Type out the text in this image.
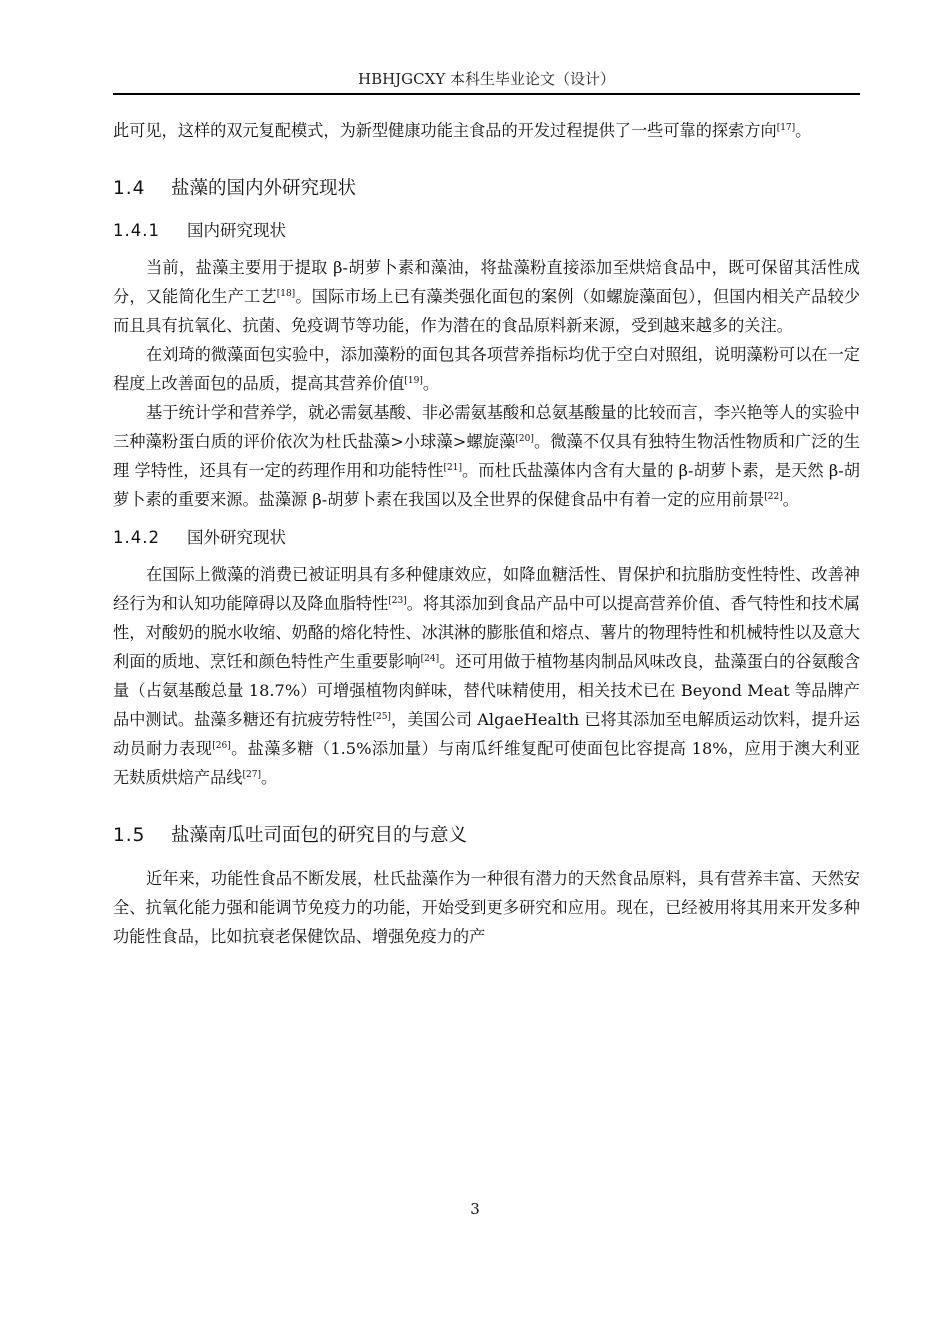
HBHJGCXY 本科生毕业论文（设计）

此可见，这样的双元复配模式，为新型健康功能主食品的开发过程提供了一些可靠的探索方向[17]。

1.4 盐藻的国内外研究现状
1.4.1 国内研究现状

当前，盐藻主要用于提取 β-胡萝卜素和藻油，将盐藻粉直接添加至烘焙食品中，既可保留其活性成分，又能简化生产工艺[18]。国际市场上已有藻类强化面包的案例（如螺旋藻面包），但国内相关产品较少而且具有抗氧化、抗菌、免疫调节等功能，作为潜在的食品原料新来源，受到越来越多的关注。

在刘琦的微藻面包实验中，添加藻粉的面包其各项营养指标均优于空白对照组，说明藻粉可以在一定程度上改善面包的品质，提高其营养价值[19]。

基于统计学和营养学，就必需氨基酸、非必需氨基酸和总氨基酸量的比较而言，李兴艳等人的实验中三种藻粉蛋白质的评价依次为杜氏盐藻>小球藻>螺旋藻[20]。微藻不仅具有独特生物活性物质和广泛的生理 学特性，还具有一定的药理作用和功能特性[21]。而杜氏盐藻体内含有大量的 β-胡萝卜素，是天然 β-胡萝卜素的重要来源。盐藻源 β-胡萝卜素在我国以及全世界的保健食品中有着一定的应用前景[22]。

1.4.2 国外研究现状

在国际上微藻的消费已被证明具有多种健康效应，如降血糖活性、胃保护和抗脂肪变性特性、改善神经行为和认知功能障碍以及降血脂特性[23]。将其添加到食品产品中可以提高营养价值、香气特性和技术属性，对酸奶的脱水收缩、奶酪的熔化特性、冰淇淋的膨胀值和熔点、薯片的物理特性和机械特性以及意大利面的质地、烹饪和颜色特性产生重要影响[24]。还可用做于植物基肉制品风味改良，盐藻蛋白的谷氨酸含量（占氨基酸总量 18.7%）可增强植物肉鲜味，替代味精使用，相关技术已在 Beyond Meat 等品牌产品中测试。盐藻多糖还有抗疲劳特性[25]，美国公司 AlgaeHealth 已将其添加至电解质运动饮料，提升运动员耐力表现[26]。盐藻多糖（1.5%添加量）与南瓜纤维复配可使面包比容提高 18%，应用于澳大利亚无麸质烘焙产品线[27]。

1.5 盐藻南瓜吐司面包的研究目的与意义

近年来，功能性食品不断发展，杜氏盐藻作为一种很有潜力的天然食品原料，具有营养丰富、天然安全、抗氧化能力强和能调节免疫力的功能，开始受到更多研究和应用。现在，已经被用将其用来开发多种功能性食品，比如抗衰老保健饮品、增强免疫力的产

3
